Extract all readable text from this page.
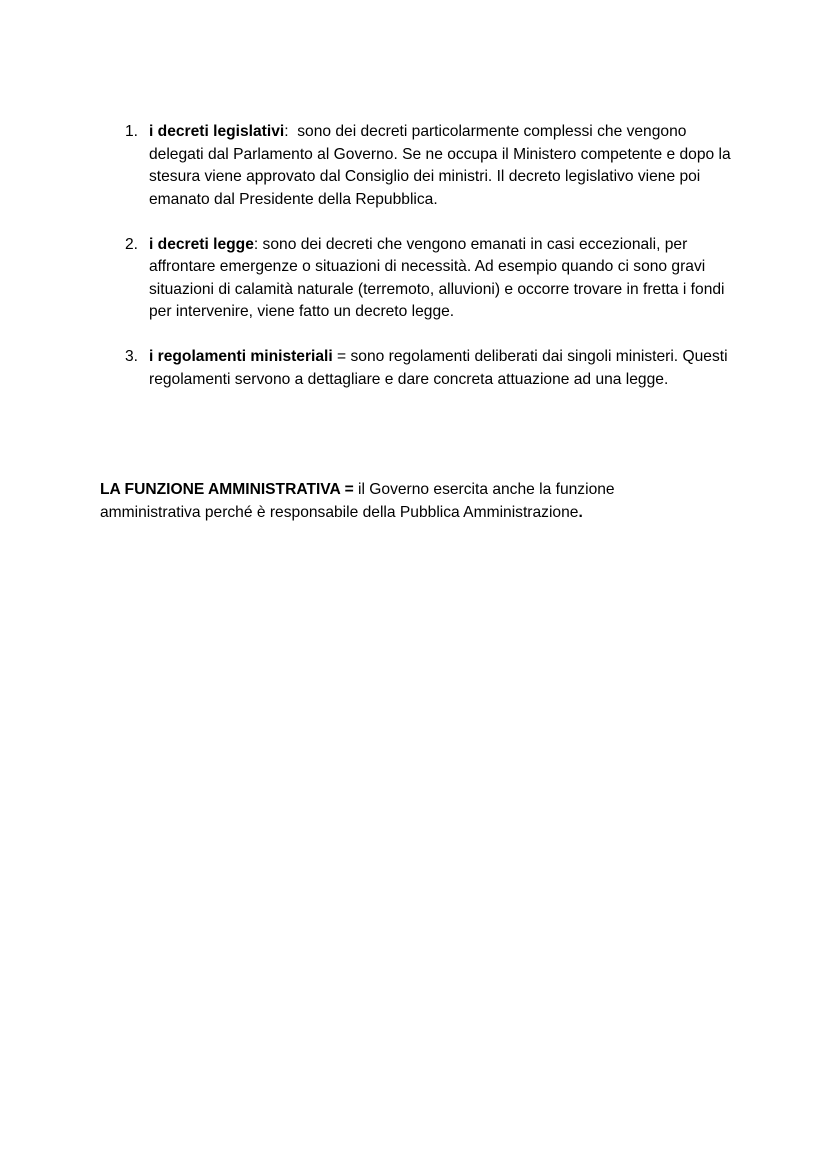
1. i decreti legislativi:  sono dei decreti particolarmente complessi che vengono delegati dal Parlamento al Governo. Se ne occupa il Ministero competente e dopo la stesura viene approvato dal Consiglio dei ministri. Il decreto legislativo viene poi emanato dal Presidente della Repubblica.
2. i decreti legge: sono dei decreti che vengono emanati in casi eccezionali, per affrontare emergenze o situazioni di necessità. Ad esempio quando ci sono gravi situazioni di calamità naturale (terremoto, alluvioni) e occorre trovare in fretta i fondi per intervenire, viene fatto un decreto legge.
3. i regolamenti ministeriali = sono regolamenti deliberati dai singoli ministeri. Questi regolamenti servono a dettagliare e dare concreta attuazione ad una legge.
LA FUNZIONE AMMINISTRATIVA = il Governo esercita anche la funzione amministrativa perché è responsabile della Pubblica Amministrazione.
